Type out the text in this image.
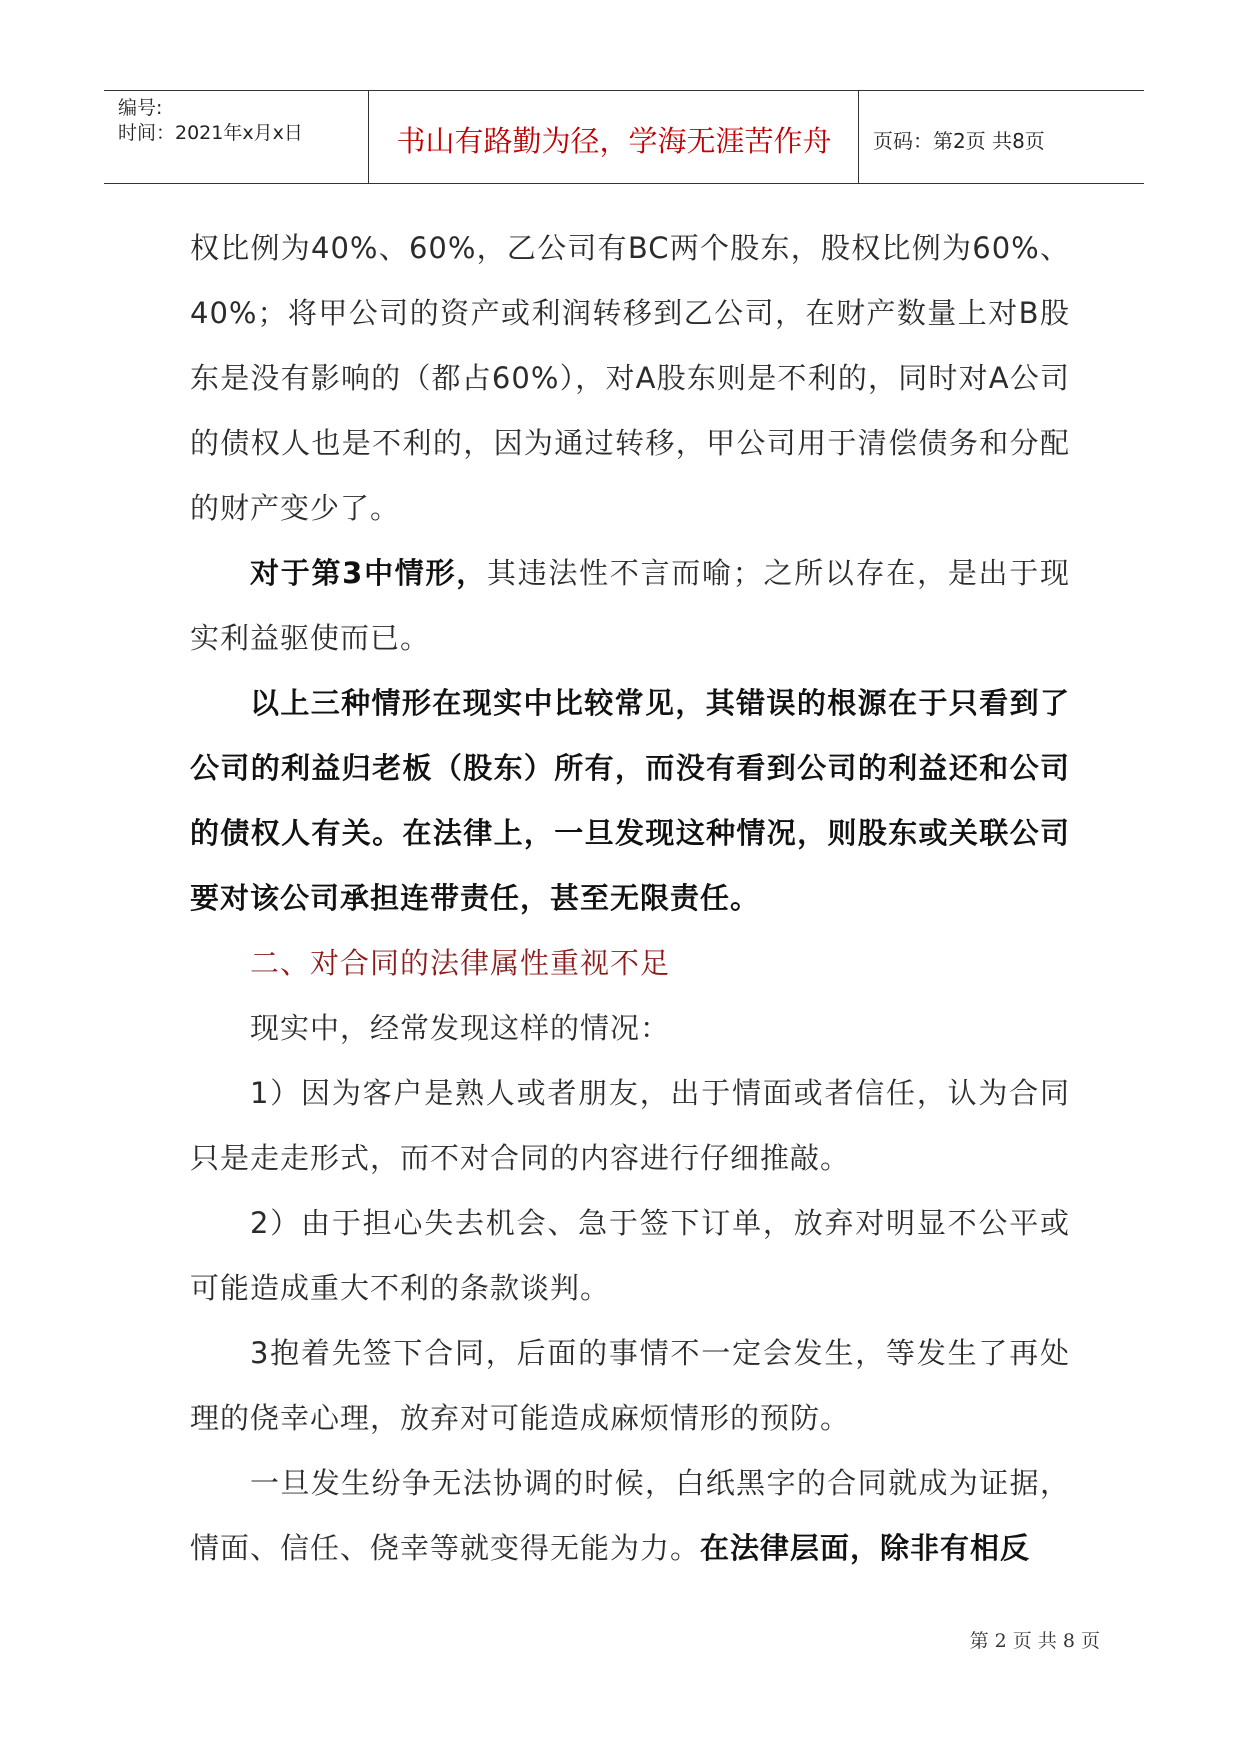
编号:
时间：2021年x月x日	书山有路勤为径，学海无涯苦作舟	页码：第2页 共8页

权比例为40%、60%，乙公司有BC两个股东，股权比例为60%、40%；将甲公司的资产或利润转移到乙公司，在财产数量上对B股东是没有影响的（都占60%），对A股东则是不利的，同时对A公司的债权人也是不利的，因为通过转移，甲公司用于清偿债务和分配的财产变少了。

对于第3中情形，其违法性不言而喻；之所以存在，是出于现实利益驱使而已。

以上三种情形在现实中比较常见，其错误的根源在于只看到了公司的利益归老板（股东）所有，而没有看到公司的利益还和公司的债权人有关。在法律上，一旦发现这种情况，则股东或关联公司要对该公司承担连带责任，甚至无限责任。

二、对合同的法律属性重视不足

现实中，经常发现这样的情况：

1）因为客户是熟人或者朋友，出于情面或者信任，认为合同只是走走形式，而不对合同的内容进行仔细推敲。

2）由于担心失去机会、急于签下订单，放弃对明显不公平或可能造成重大不利的条款谈判。

3抱着先签下合同，后面的事情不一定会发生，等发生了再处理的侥幸心理，放弃对可能造成麻烦情形的预防。

一旦发生纷争无法协调的时候，白纸黑字的合同就成为证据，情面、信任、侥幸等就变得无能为力。在法律层面，除非有相反

第 2 页 共 8 页
